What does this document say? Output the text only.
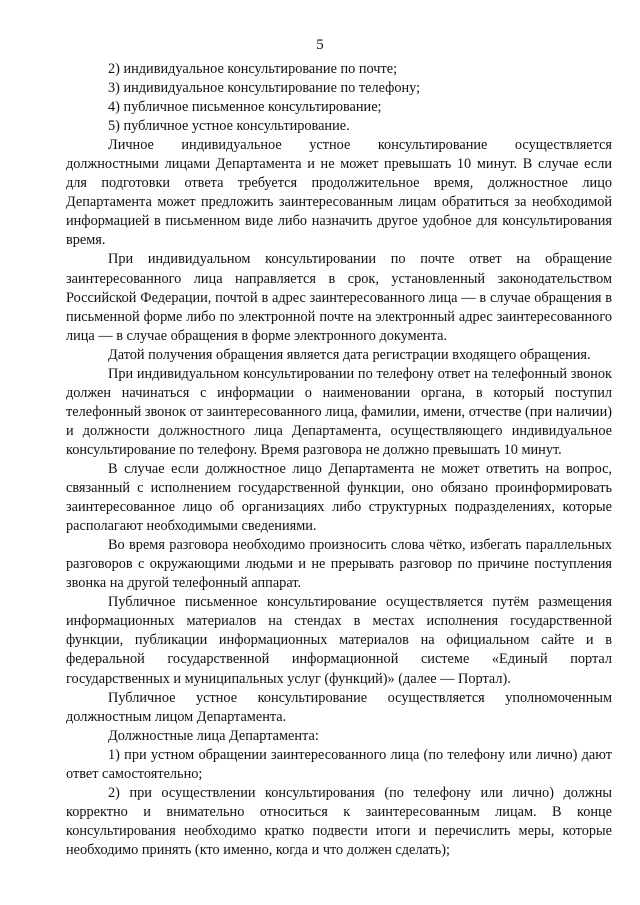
5

2) индивидуальное консультирование по почте;

3) индивидуальное консультирование по телефону;

4) публичное письменное консультирование;

5) публичное устное консультирование.

Личное индивидуальное устное консультирование осуществляется должностными лицами Департамента и не может превышать 10 минут. В случае если для подготовки ответа требуется продолжительное время, должностное лицо Департамента может предложить заинтересованным лицам обратиться за необходимой информацией в письменном виде либо назначить другое удобное для консультирования время.

При индивидуальном консультировании по почте ответ на обращение заинтересованного лица направляется в срок, установленный законодательством Российской Федерации, почтой в адрес заинтересованного лица — в случае обращения в письменной форме либо по электронной почте на электронный адрес заинтересованного лица — в случае обращения в форме электронного документа.

Датой получения обращения является дата регистрации входящего обращения.

При индивидуальном консультировании по телефону ответ на телефонный звонок должен начинаться с информации о наименовании органа, в который поступил телефонный звонок от заинтересованного лица, фамилии, имени, отчестве (при наличии) и должности должностного лица Департамента, осуществляющего индивидуальное консультирование по телефону. Время разговора не должно превышать 10 минут.

В случае если должностное лицо Департамента не может ответить на вопрос, связанный с исполнением государственной функции, оно обязано проинформировать заинтересованное лицо об организациях либо структурных подразделениях, которые располагают необходимыми сведениями.

Во время разговора необходимо произносить слова чётко, избегать параллельных разговоров с окружающими людьми и не прерывать разговор по причине поступления звонка на другой телефонный аппарат.

Публичное письменное консультирование осуществляется путём размещения информационных материалов на стендах в местах исполнения государственной функции, публикации информационных материалов на официальном сайте и в федеральной государственной информационной системе «Единый портал государственных и муниципальных услуг (функций)» (далее — Портал).

Публичное устное консультирование осуществляется уполномоченным должностным лицом Департамента.

Должностные лица Департамента:

1) при устном обращении заинтересованного лица (по телефону или лично) дают ответ самостоятельно;

2) при осуществлении консультирования (по телефону или лично) должны корректно и внимательно относиться к заинтересованным лицам. В конце консультирования необходимо кратко подвести итоги и перечислить меры, которые необходимо принять (кто именно, когда и что должен сделать);
